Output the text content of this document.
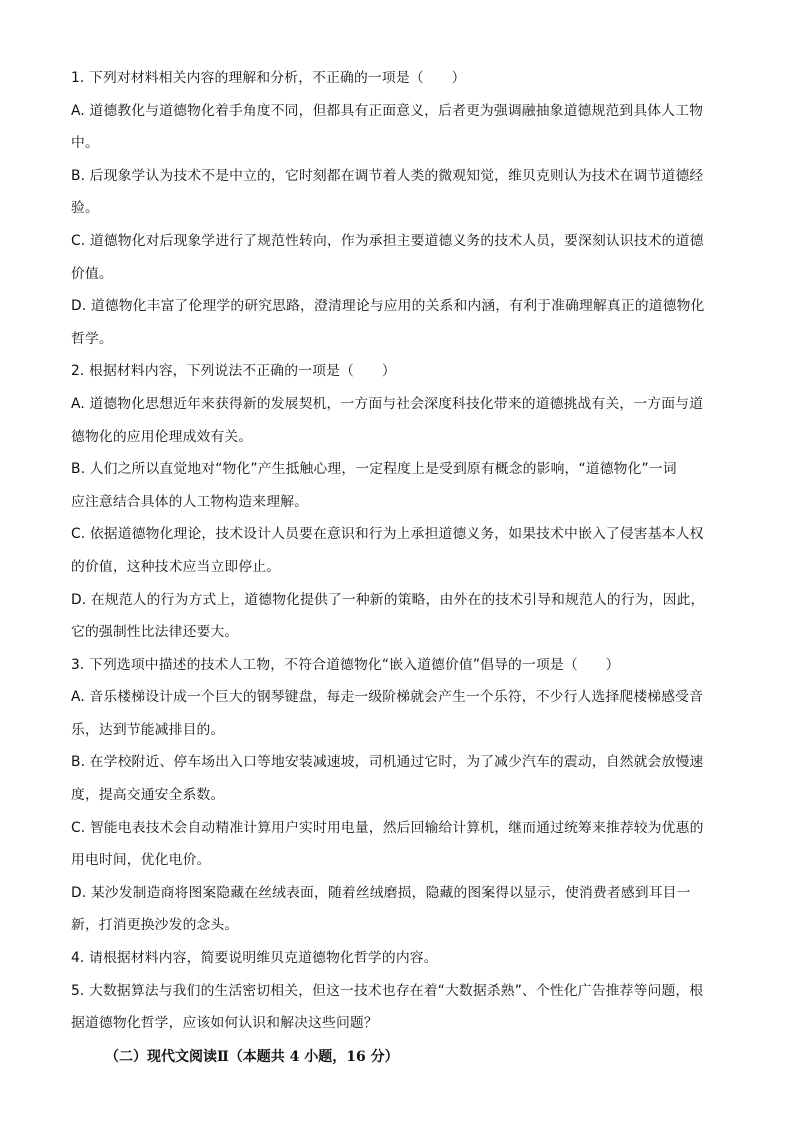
1. 下列对材料相关内容的理解和分析，不正确的一项是（　　）
A. 道德教化与道德物化着手角度不同，但都具有正面意义，后者更为强调融抽象道德规范到具体人工物
中。
B. 后现象学认为技术不是中立的，它时刻都在调节着人类的微观知觉，维贝克则认为技术在调节道德经
验。
C. 道德物化对后现象学进行了规范性转向，作为承担主要道德义务的技术人员，要深刻认识技术的道德
价值。
D. 道德物化丰富了伦理学的研究思路，澄清理论与应用的关系和内涵，有利于准确理解真正的道德物化
哲学。
2. 根据材料内容，下列说法不正确的一项是（　　）
A. 道德物化思想近年来获得新的发展契机，一方面与社会深度科技化带来的道德挑战有关，一方面与道
德物化的应用伦理成效有关。
B. 人们之所以直觉地对“物化”产生抵触心理，一定程度上是受到原有概念的影响，“道德物化”一词
应注意结合具体的人工物构造来理解。
C. 依据道德物化理论，技术设计人员要在意识和行为上承担道德义务，如果技术中嵌入了侵害基本人权
的价值，这种技术应当立即停止。
D. 在规范人的行为方式上，道德物化提供了一种新的策略，由外在的技术引导和规范人的行为，因此，
它的强制性比法律还要大。
3. 下列选项中描述的技术人工物，不符合道德物化“嵌入道德价值”倡导的一项是（　　）
A. 音乐楼梯设计成一个巨大的钢琴键盘，每走一级阶梯就会产生一个乐符，不少行人选择爬楼梯感受音
乐，达到节能减排目的。
B. 在学校附近、停车场出入口等地安装减速坡，司机通过它时，为了减少汽车的震动，自然就会放慢速
度，提高交通安全系数。
C. 智能电表技术会自动精准计算用户实时用电量，然后回输给计算机，继而通过统筹来推荐较为优惠的
用电时间，优化电价。
D. 某沙发制造商将图案隐藏在丝绒表面，随着丝绒磨损，隐藏的图案得以显示，使消费者感到耳目一
新，打消更换沙发的念头。
4. 请根据材料内容，简要说明维贝克道德物化哲学的内容。
5. 大数据算法与我们的生活密切相关，但这一技术也存在着“大数据杀熟”、个性化广告推荐等问题，根
据道德物化哲学，应该如何认识和解决这些问题？
（二）现代文阅读Ⅱ（本题共 4 小题，16 分）
